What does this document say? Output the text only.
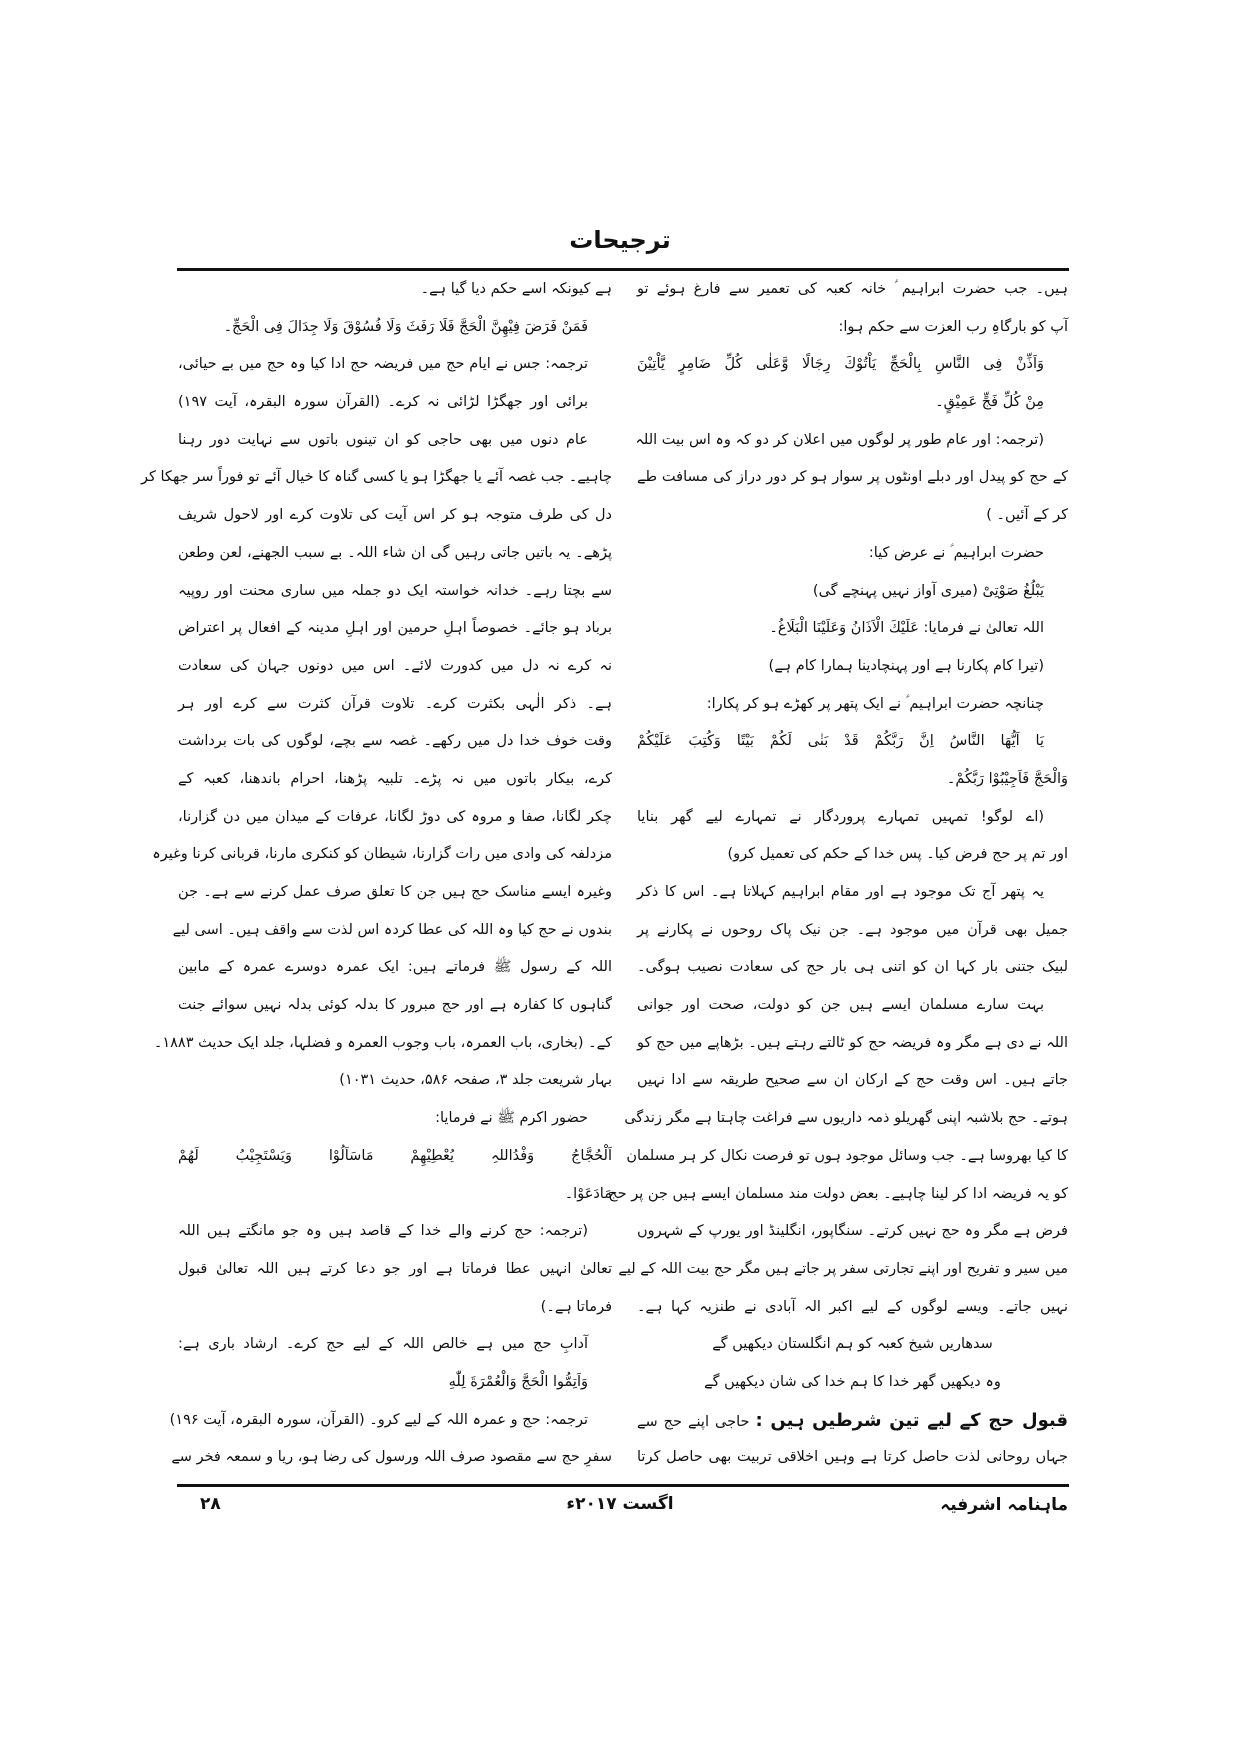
ترجیحات
ہیں۔ جب حضرت ابراہیم ؑ خانہ کعبہ کی تعمیر سے فارغ ہوئے تو
آپ کو بارگاہِ رب العزت سے حکم ہوا:
وَاَذِّنْ فِی النَّاسِ بِالْحَجِّ یَاْتُوْكَ رِجَالًا وَّعَلٰی كُلِّ ضَامِرٍ یَّاْتِیْنَ
مِنْ كُلِّ فَجٍّ عَمِیْقٍ۔
(ترجمہ: اور عام طور پر لوگوں میں اعلان کر دو کہ وہ اس بیت اللہ
کے حج کو پیدل اور دبلے اونٹوں پر سوار ہو کر دور دراز کی مسافت طے
کر کے آئیں۔ )
حضرت ابراہیم ؑ نے عرض کیا:
یَبْلُغُ صَوْتِیْ (میری آواز نہیں پہنچے گی)
اللہ تعالیٰ نے فرمایا: عَلَیْكَ الْاَذَانُ وَعَلَیْنَا الْبَلَاغُ۔
(تیرا کام پکارنا ہے اور پہنچادینا ہمارا کام ہے)
چنانچہ حضرت ابراہیم ؑ نے ایک پتھر پر کھڑے ہو کر پکارا:
یَا اَیُّهَا النَّاسُ اِنَّ رَبَّكُمْ قَدْ بَنٰی لَكُمْ بَیْتًا وَكُتِبَ عَلَیْكُمْ
وَالْحَجَّ فَاَجِیْبُوْا رَبَّكُمْ۔
(اے لوگو! تمہیں تمہارے پروردگار نے تمہارے لیے گھر بنایا
اور تم پر حج فرض کیا۔ پس خدا کے حکم کی تعمیل کرو)
یہ پتھر آج تک موجود ہے اور مقام ابراہیم کہلاتا ہے۔ اس کا ذکر
جمیل بھی قرآن میں موجود ہے۔ جن نیک پاک روحوں نے پکارنے پر
لبیک جتنی بار کہا ان کو اتنی ہی بار حج کی سعادت نصیب ہوگی۔
بہت سارے مسلمان ایسے ہیں جن کو دولت، صحت اور جوانی
اللہ نے دی ہے مگر وہ فریضہ حج کو ٹالتے رہتے ہیں۔ بڑھاپے میں حج کو
جاتے ہیں۔ اس وقت حج کے ارکان ان سے صحیح طریقہ سے ادا نہیں
ہوتے۔ حج بلاشبہ اپنی گھریلو ذمہ داریوں سے فراغت چاہتا ہے مگر زندگی
کا کیا بھروسا ہے۔ جب وسائل موجود ہوں تو فرصت نکال کر ہر مسلمان
کو یہ فریضہ ادا کر لینا چاہیے۔ بعض دولت مند مسلمان ایسے ہیں جن پر حج
فرض ہے مگر وہ حج نہیں کرتے۔ سنگاپور، انگلینڈ اور یورپ کے شہروں
میں سیر و تفریح اور اپنے تجارتی سفر پر جاتے ہیں مگر حج بیت اللہ کے لیے
نہیں جاتے۔ ویسے لوگوں کے لیے اکبر الہ آبادی نے طنزیہ کہا ہے۔
سدھاریں شیخ کعبہ کو ہم انگلستان دیکھیں گے
وہ دیکھیں گھر خدا کا ہم خدا کی شان دیکھیں گے
قبول حج کے لیے تین شرطیں ہیں : حاجی اپنے حج سے
جہاں روحانی لذت حاصل کرتا ہے وہیں اخلاقی تربیت بھی حاصل کرتا
ہے کیونکہ اسے حکم دیا گیا ہے۔
فَمَنْ فَرَضَ فِیْهِنَّ الْحَجَّ فَلَا رَفَثَ وَلَا فُسُوْقَ وَلَا جِدَالَ فِی الْحَجِّ۔
ترجمہ: جس نے ایام حج میں فریضہ حج ادا کیا وہ حج میں بے حیائی،
برائی اور جھگڑا لڑائی نہ کرے۔ (القرآن سورہ البقرہ، آیت ۱۹۷)
عام دنوں میں بھی حاجی کو ان تینوں باتوں سے نہایت دور رہنا
چاہیے۔ جب غصہ آئے یا جھگڑا ہو یا کسی گناہ کا خیال آئے تو فوراً سر جھکا کر
دل کی طرف متوجہ ہو کر اس آیت کی تلاوت کرے اور لاحول شریف
پڑھے۔ یہ باتیں جاتی رہیں گی ان شاء اللہ۔ بے سبب الجھنے، لعن وطعن
سے بچتا رہے۔ خدانہ خواستہ ایک دو جملہ میں ساری محنت اور روپیہ
برباد ہو جائے۔ خصوصاً اہلِ حرمین اور اہلِ مدینہ کے افعال پر اعتراض
نہ کرے نہ دل میں کدورت لائے۔ اس میں دونوں جہان کی سعادت
ہے۔ ذکر الٰہی بکثرت کرے۔ تلاوت قرآن کثرت سے کرے اور ہر
وقت خوف خدا دل میں رکھے۔ غصہ سے بچے، لوگوں کی بات برداشت
کرے، بیکار باتوں میں نہ پڑے۔ تلبیہ پڑھنا، احرام باندھنا، کعبہ کے
چکر لگانا، صفا و مروہ کی دوڑ لگانا، عرفات کے میدان میں دن گزارنا،
مزدلفہ کی وادی میں رات گزارنا، شیطان کو کنکری مارنا، قربانی کرنا وغیرہ
وغیرہ ایسے مناسک حج ہیں جن کا تعلق صرف عمل کرنے سے ہے۔ جن
بندوں نے حج کیا وہ اللہ کی عطا کردہ اس لذت سے واقف ہیں۔ اسی لیے
اللہ کے رسول ﷺ فرماتے ہیں: ایک عمرہ دوسرے عمرہ کے مابین
گناہوں کا کفارہ ہے اور حج مبرور کا بدلہ کوئی بدلہ نہیں سوائے جنت
کے۔ (بخاری، باب العمرہ، باب وجوب العمرہ و فضلہا، جلد ایک حدیث ۱۸۸۳۔
بہار شریعت جلد ۳، صفحہ ۵۸۶، حدیث ۱۰۳۱)
حضور اکرم ﷺ نے فرمایا:
اَلْحُجَّاجُ وَفْدُاللہِ یُعْطِیْهِمْ مَاسَاَلُوْا وَیَسْتَجِیْبُ لَهُمْ
مَادَعَوْا۔
(ترجمہ: حج کرنے والے خدا کے قاصد ہیں وہ جو مانگتے ہیں اللہ
تعالیٰ انہیں عطا فرماتا ہے اور جو دعا کرتے ہیں اللہ تعالیٰ قبول
فرماتا ہے۔)
آدابِ حج میں ہے خالص اللہ کے لیے حج کرے۔ ارشاد باری ہے:
وَاَتِمُّوا الْحَجَّ وَالْعُمْرَةَ لِلّٰهِ
ترجمہ: حج و عمرہ اللہ کے لیے کرو۔ (القرآن، سورہ البقرہ، آیت ۱۹۶)
سفرِ حج سے مقصود صرف اللہ ورسول کی رضا ہو، ریا و سمعہ فخر سے
ماہنامہ اشرفیہ
اگست ۲۰۱۷ء
۲۸
